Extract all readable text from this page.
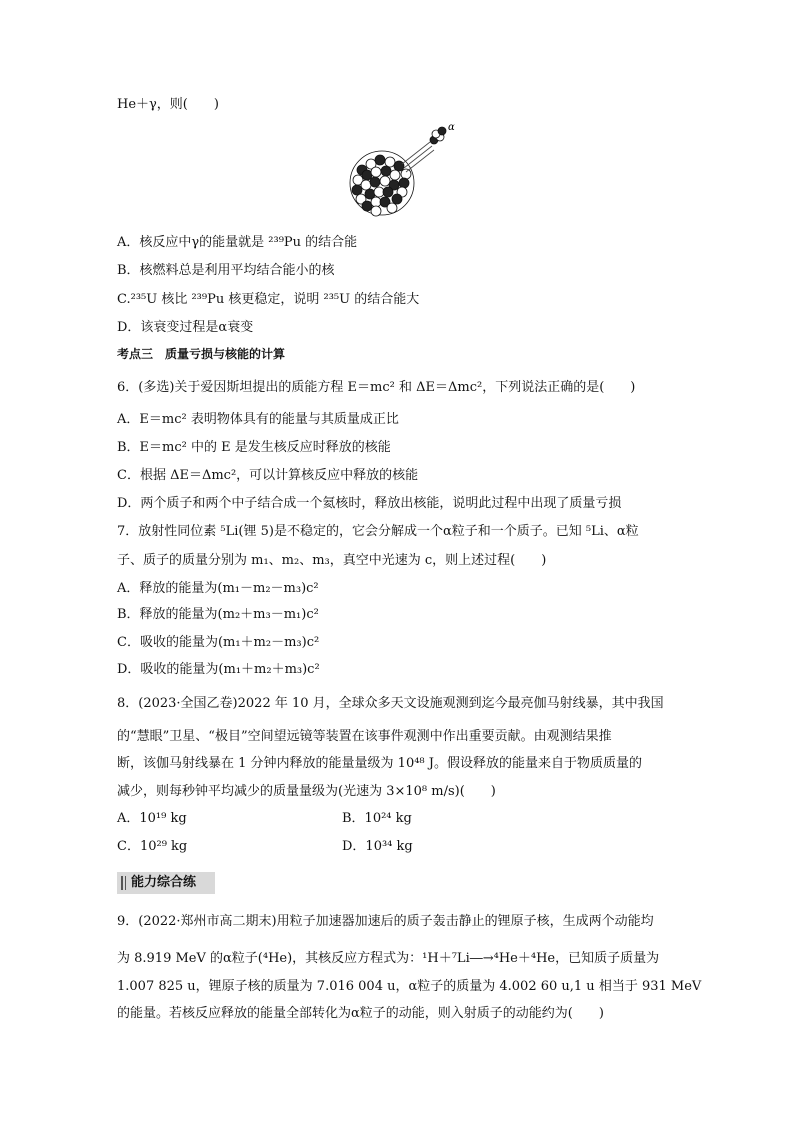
He＋γ，则(　　)
α
A．核反应中γ的能量就是 ²³⁹Pu 的结合能
B．核燃料总是利用平均结合能小的核
C.²³⁵U 核比 ²³⁹Pu 核更稳定，说明 ²³⁵U 的结合能大
D．该衰变过程是α衰变
考点三　质量亏损与核能的计算
6．(多选)关于爱因斯坦提出的质能方程 E＝mc² 和 ΔE＝Δmc²，下列说法正确的是(　　)
A．E＝mc² 表明物体具有的能量与其质量成正比
B．E＝mc² 中的 E 是发生核反应时释放的核能
C．根据 ΔE＝Δmc²，可以计算核反应中释放的核能
D．两个质子和两个中子结合成一个氦核时，释放出核能，说明此过程中出现了质量亏损
7．放射性同位素 ⁵Li(锂 5)是不稳定的，它会分解成一个α粒子和一个质子。已知 ⁵Li、α粒
子、质子的质量分别为 m₁、m₂、m₃，真空中光速为 c，则上述过程(　　)
A．释放的能量为(m₁－m₂－m₃)c²
B．释放的能量为(m₂＋m₃－m₁)c²
C．吸收的能量为(m₁＋m₂－m₃)c²
D．吸收的能量为(m₁＋m₂＋m₃)c²
8．(2023·全国乙卷)2022 年 10 月，全球众多天文设施观测到迄今最亮伽马射线暴，其中我国
的“慧眼”卫星、“极目”空间望远镜等装置在该事件观测中作出重要贡献。由观测结果推
断，该伽马射线暴在 1 分钟内释放的能量量级为 10⁴⁸ J。假设释放的能量来自于物质质量的
减少，则每秒钟平均减少的质量量级为(光速为 3×10⁸ m/s)(　　)
A．10¹⁹ kg	B．10²⁴ kg
C．10²⁹ kg	D．10³⁴ kg
能力综合练
9．(2022·郑州市高二期末)用粒子加速器加速后的质子轰击静止的锂原子核，生成两个动能均
为 8.919 MeV 的α粒子(⁴He)，其核反应方程式为：¹H＋⁷Li―→⁴He＋⁴He，已知质子质量为
1.007 825 u，锂原子核的质量为 7.016 004 u，α粒子的质量为 4.002 60 u,1 u 相当于 931 MeV
的能量。若核反应释放的能量全部转化为α粒子的动能，则入射质子的动能约为(　　)
